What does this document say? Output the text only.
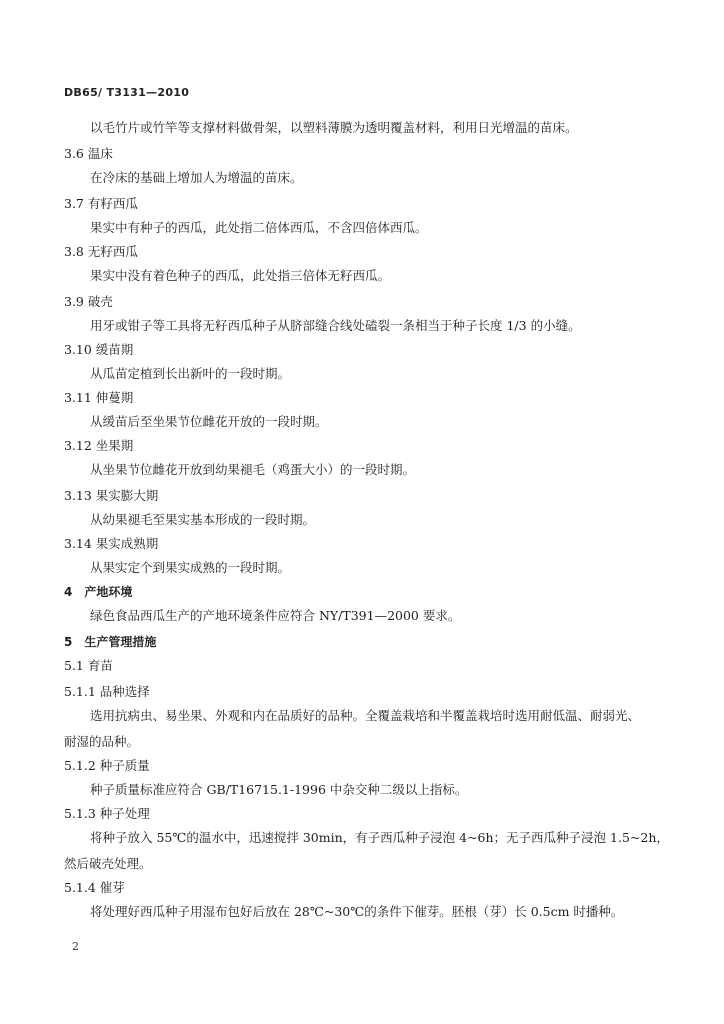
DB65/ T3131—2010
以毛竹片或竹竿等支撑材料做骨架，以塑料薄膜为透明覆盖材料，利用日光增温的苗床。
3.6 温床
在冷床的基础上增加人为增温的苗床。
3.7 有籽西瓜
果实中有种子的西瓜，此处指二倍体西瓜，不含四倍体西瓜。
3.8 无籽西瓜
果实中没有着色种子的西瓜，此处指三倍体无籽西瓜。
3.9 破壳
用牙或钳子等工具将无籽西瓜种子从脐部缝合线处磕裂一条相当于种子长度 1/3 的小缝。
3.10 缓苗期
从瓜苗定植到长出新叶的一段时期。
3.11 伸蔓期
从缓苗后至坐果节位雌花开放的一段时期。
3.12 坐果期
从坐果节位雌花开放到幼果褪毛（鸡蛋大小）的一段时期。
3.13 果实膨大期
从幼果褪毛至果实基本形成的一段时期。
3.14 果实成熟期
从果实定个到果实成熟的一段时期。
4　产地环境
绿色食品西瓜生产的产地环境条件应符合 NY/T391—2000 要求。
5　生产管理措施
5.1 育苗
5.1.1 品种选择
选用抗病虫、易坐果、外观和内在品质好的品种。全覆盖栽培和半覆盖栽培时选用耐低温、耐弱光、
耐湿的品种。
5.1.2 种子质量
种子质量标准应符合 GB/T16715.1-1996 中杂交种二级以上指标。
5.1.3 种子处理
将种子放入 55℃的温水中，迅速搅拌 30min，有子西瓜种子浸泡 4~6h；无子西瓜种子浸泡 1.5~2h，
然后破壳处理。
5.1.4 催芽
将处理好西瓜种子用湿布包好后放在 28℃~30℃的条件下催芽。胚根（芽）长 0.5cm 时播种。
2
